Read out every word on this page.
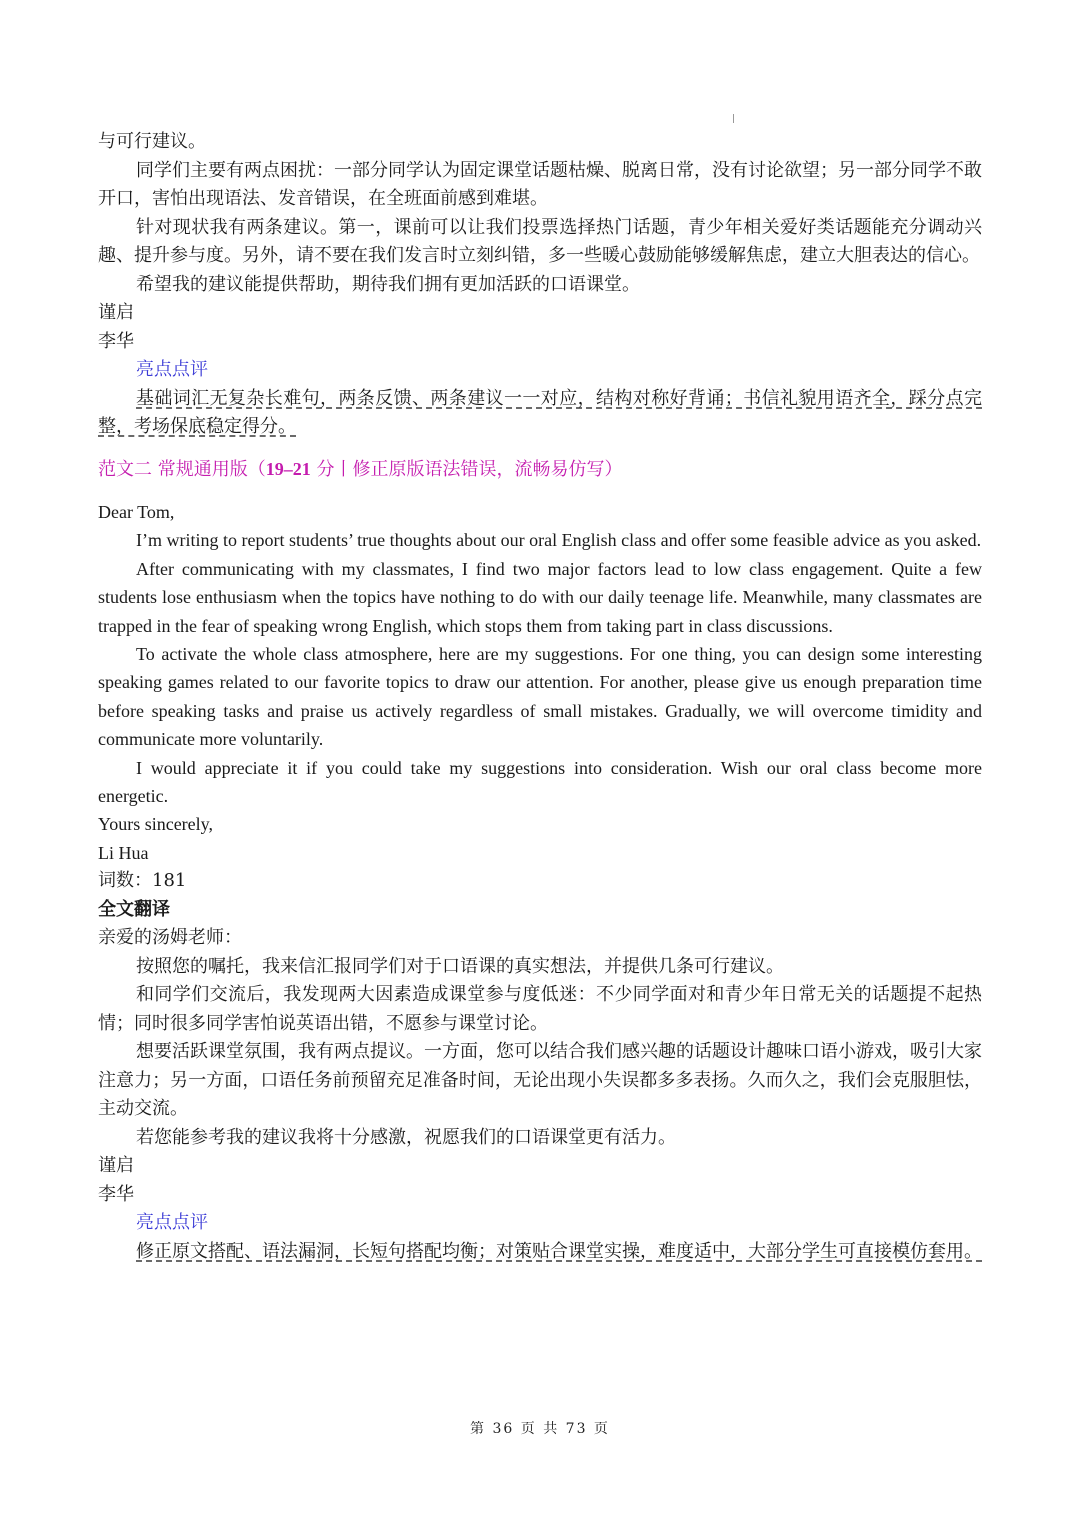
与可行建议。

同学们主要有两点困扰：一部分同学认为固定课堂话题枯燥、脱离日常，没有讨论欲望；另一部分同学不敢开口，害怕出现语法、发音错误，在全班面前感到难堪。

针对现状我有两条建议。第一，课前可以让我们投票选择热门话题，青少年相关爱好类话题能充分调动兴趣、提升参与度。另外，请不要在我们发言时立刻纠错，多一些暖心鼓励能够缓解焦虑，建立大胆表达的信心。

希望我的建议能提供帮助，期待我们拥有更加活跃的口语课堂。

谨启

李华

亮点点评

基础词汇无复杂长难句，两条反馈、两条建议一一对应，结构对称好背诵；书信礼貌用语齐全，踩分点完整，考场保底稳定得分。

范文二 常规通用版（19–21 分丨修正原版语法错误，流畅易仿写）

Dear Tom,

I’m writing to report students’ true thoughts about our oral English class and offer some feasible advice as you asked.

After communicating with my classmates, I find two major factors lead to low class engagement. Quite a few students lose enthusiasm when the topics have nothing to do with our daily teenage life. Meanwhile, many classmates are trapped in the fear of speaking wrong English, which stops them from taking part in class discussions.

To activate the whole class atmosphere, here are my suggestions. For one thing, you can design some interesting speaking games related to our favorite topics to draw our attention. For another, please give us enough preparation time before speaking tasks and praise us actively regardless of small mistakes. Gradually, we will overcome timidity and communicate more voluntarily.

I would appreciate it if you could take my suggestions into consideration. Wish our oral class become more energetic.

Yours sincerely,

Li Hua

词数：181

全文翻译

亲爱的汤姆老师：

按照您的嘱托，我来信汇报同学们对于口语课的真实想法，并提供几条可行建议。

和同学们交流后，我发现两大因素造成课堂参与度低迷：不少同学面对和青少年日常无关的话题提不起热情；同时很多同学害怕说英语出错，不愿参与课堂讨论。

想要活跃课堂氛围，我有两点提议。一方面，您可以结合我们感兴趣的话题设计趣味口语小游戏，吸引大家注意力；另一方面，口语任务前预留充足准备时间，无论出现小失误都多多表扬。久而久之，我们会克服胆怯，主动交流。

若您能参考我的建议我将十分感激，祝愿我们的口语课堂更有活力。

谨启

李华

亮点点评

修正原文搭配、语法漏洞，长短句搭配均衡；对策贴合课堂实操，难度适中，大部分学生可直接模仿套用。

第 36 页 共 73 页
